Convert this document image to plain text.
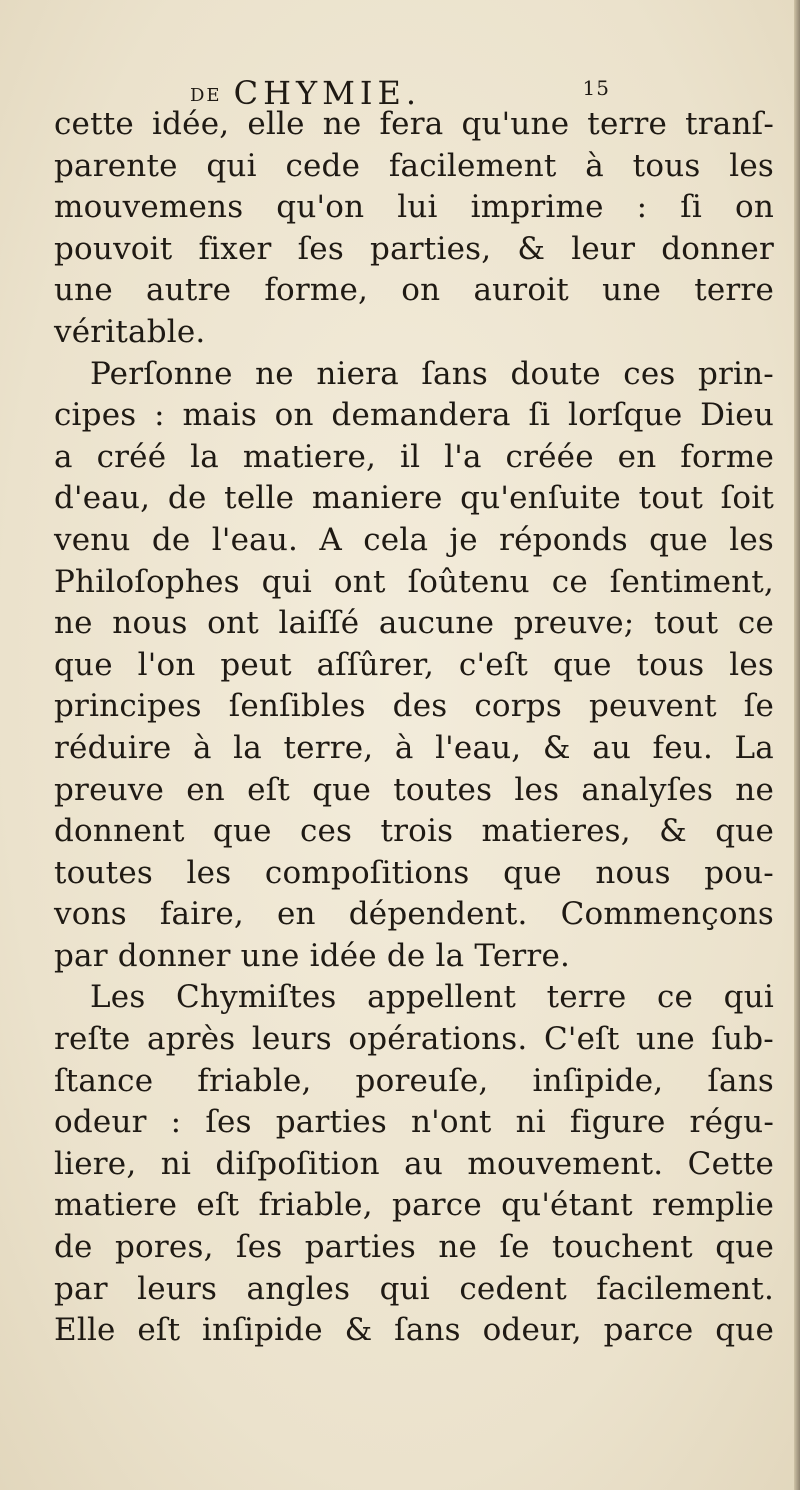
DE CHYMIE.	15
cette idée, elle ne fera qu'une terre tranſ-
parente qui cede facilement à tous les
mouvemens qu'on lui imprime : ſi on
pouvoit fixer ſes parties, & leur donner
une autre forme, on auroit une terre
véritable.
Perſonne ne niera ſans doute ces prin-
cipes : mais on demandera ſi lorſque Dieu
a créé la matiere, il l'a créée en forme
d'eau, de telle maniere qu'enſuite tout ſoit
venu de l'eau. A cela je réponds que les
Philoſophes qui ont ſoûtenu ce ſentiment,
ne nous ont laiſſé aucune preuve; tout ce
que l'on peut aſſûrer, c'eſt que tous les
principes ſenſibles des corps peuvent ſe
réduire à la terre, à l'eau, & au feu. La
preuve en eſt que toutes les analyſes ne
donnent que ces trois matieres, & que
toutes les compoſitions que nous pou-
vons faire, en dépendent. Commençons
par donner une idée de la Terre.
Les Chymiſtes appellent terre ce qui
reſte après leurs opérations. C'eſt une ſub-
ſtance friable, poreuſe, inſipide, ſans
odeur : ſes parties n'ont ni figure régu-
liere, ni diſpoſition au mouvement. Cette
matiere eſt friable, parce qu'étant remplie
de pores, ſes parties ne ſe touchent que
par leurs angles qui cedent facilement.
Elle eſt inſipide & ſans odeur, parce que
